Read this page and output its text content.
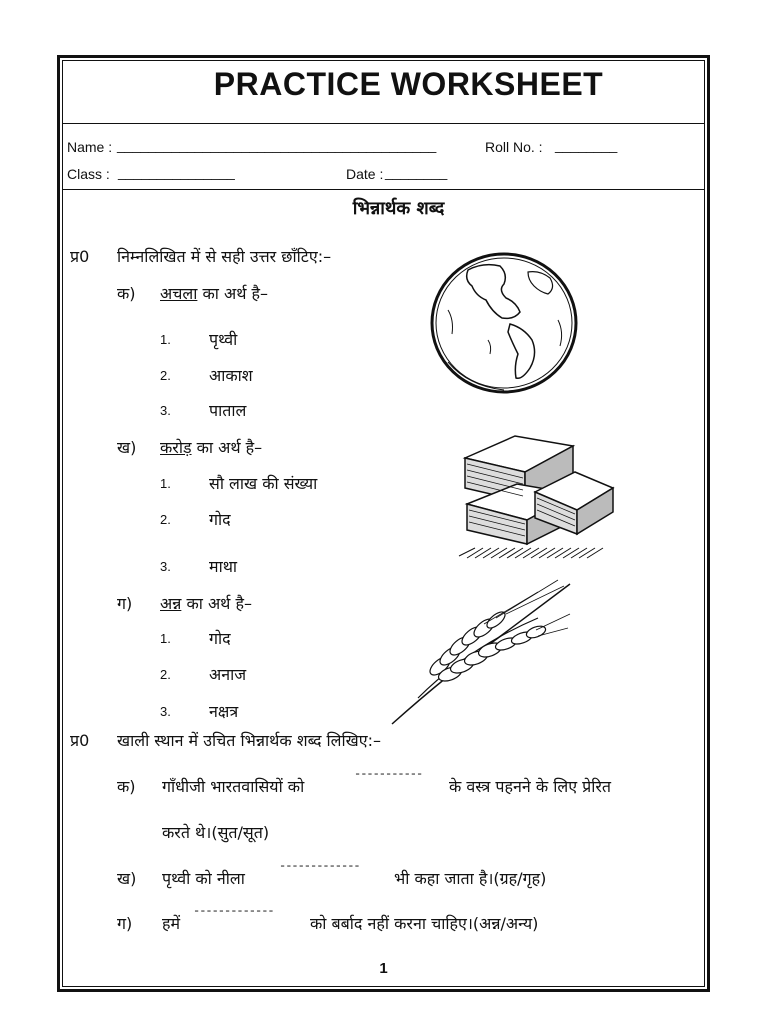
PRACTICE WORKSHEET
Name : _________________________________________	Roll No. : ________
Class : _______________	Date : ________
भिन्नार्थक शब्द
प्र0 निम्नलिखित में से सही उत्तर छाँटिए:–
क) अचला का अर्थ है–
1. पृथ्वी
2. आकाश
3. पाताल
ख) करोड़ का अर्थ है–
1. सौ लाख की संख्या
2. गोद
3. माथा
ग) अन्न का अर्थ है–
1. गोद
2. अनाज
3. नक्षत्र
प्र0 खाली स्थान में उचित भिन्नार्थक शब्द लिखिए:–
क) गाँधीजी भारतवासियों को
-----------
के वस्त्र पहनने के लिए प्रेरित
करते थे।(सुत/सूत)
ख) पृथ्वी को नीला
-------------
भी कहा जाता है।(ग्रह/गृह)
ग) हमें
-------------
को बर्बाद नहीं करना चाहिए।(अन्न/अन्य)
1
